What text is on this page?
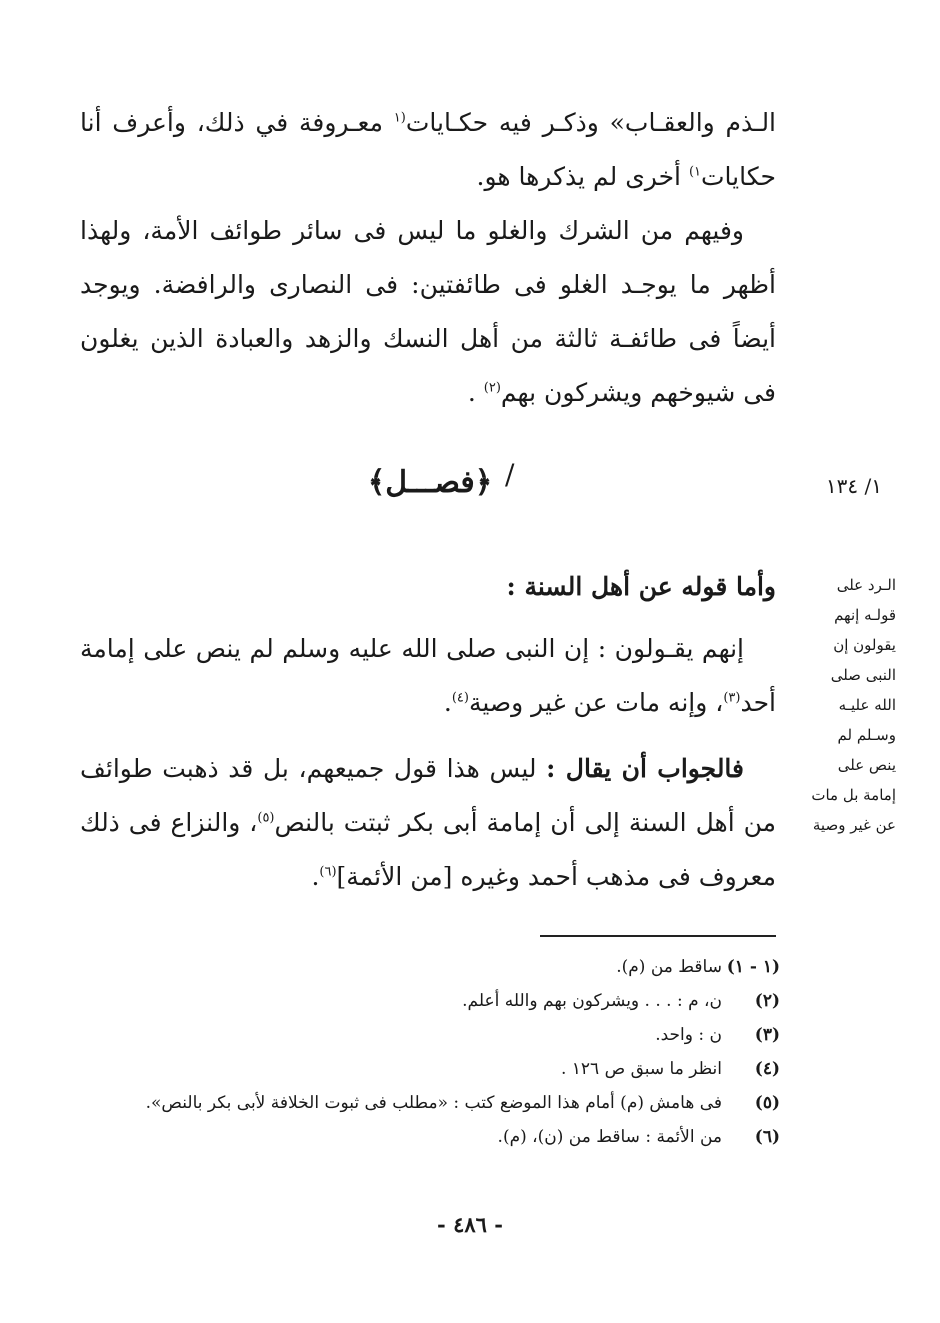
الـذم والعقـاب» وذكـر فيه حكـايات$^{(١}$ معـروفة في ذلك، وأعرف أنا حكايات$^{١)}$ أخرى لم يذكرها هو.

وفيهم من الشرك والغلو ما ليس فى سائر طوائف الأمة، ولهذا أظهر ما يوجـد الغلو فى طائفتين: فى النصارى والرافضة. ويوجد أيضاً فى طائفـة ثالثة من أهل النسك والزهد والعبادة الذين يغلون فى شيوخهم ويشركون بهم$^{(٢)}$ .

١/ ١٣٤
/
﴿فصـــل﴾
الـرد على قولـه إنهم يقولون إن النبى صلى الله عليـه وسـلم لم ينص على إمامة بل مات عن غير وصية

وأما قوله عن أهل السنة :

إنهم يقـولون : إن النبى صلى الله عليه وسلم لم ينص على إمامة أحد$^{(٣)}$، وإنه مات عن غير وصية$^{(٤)}$.

فالجواب أن يقال : ليس هذا قول جميعهم، بل قد ذهبت طوائف من أهل السنة إلى أن إمامة أبى بكر ثبتت بالنص$^{(٥)}$، والنزاع فى ذلك معروف فى مذهب أحمد وغيره [من الأئمة]$^{(٦)}$.

(١ - ١)
ساقط من (م).
(٢)
ن، م : . . . ويشركون بهم والله أعلم.
(٣)
ن : واحد.
(٤)
انظر ما سبق ص ١٢٦ .
(٥)
فى هامش (م) أمام هذا الموضع كتب : «مطلب فى ثبوت الخلافة لأبى بكر بالنص».
(٦)
من الأئمة : ساقط من (ن)، (م).
- ٤٨٦ -
